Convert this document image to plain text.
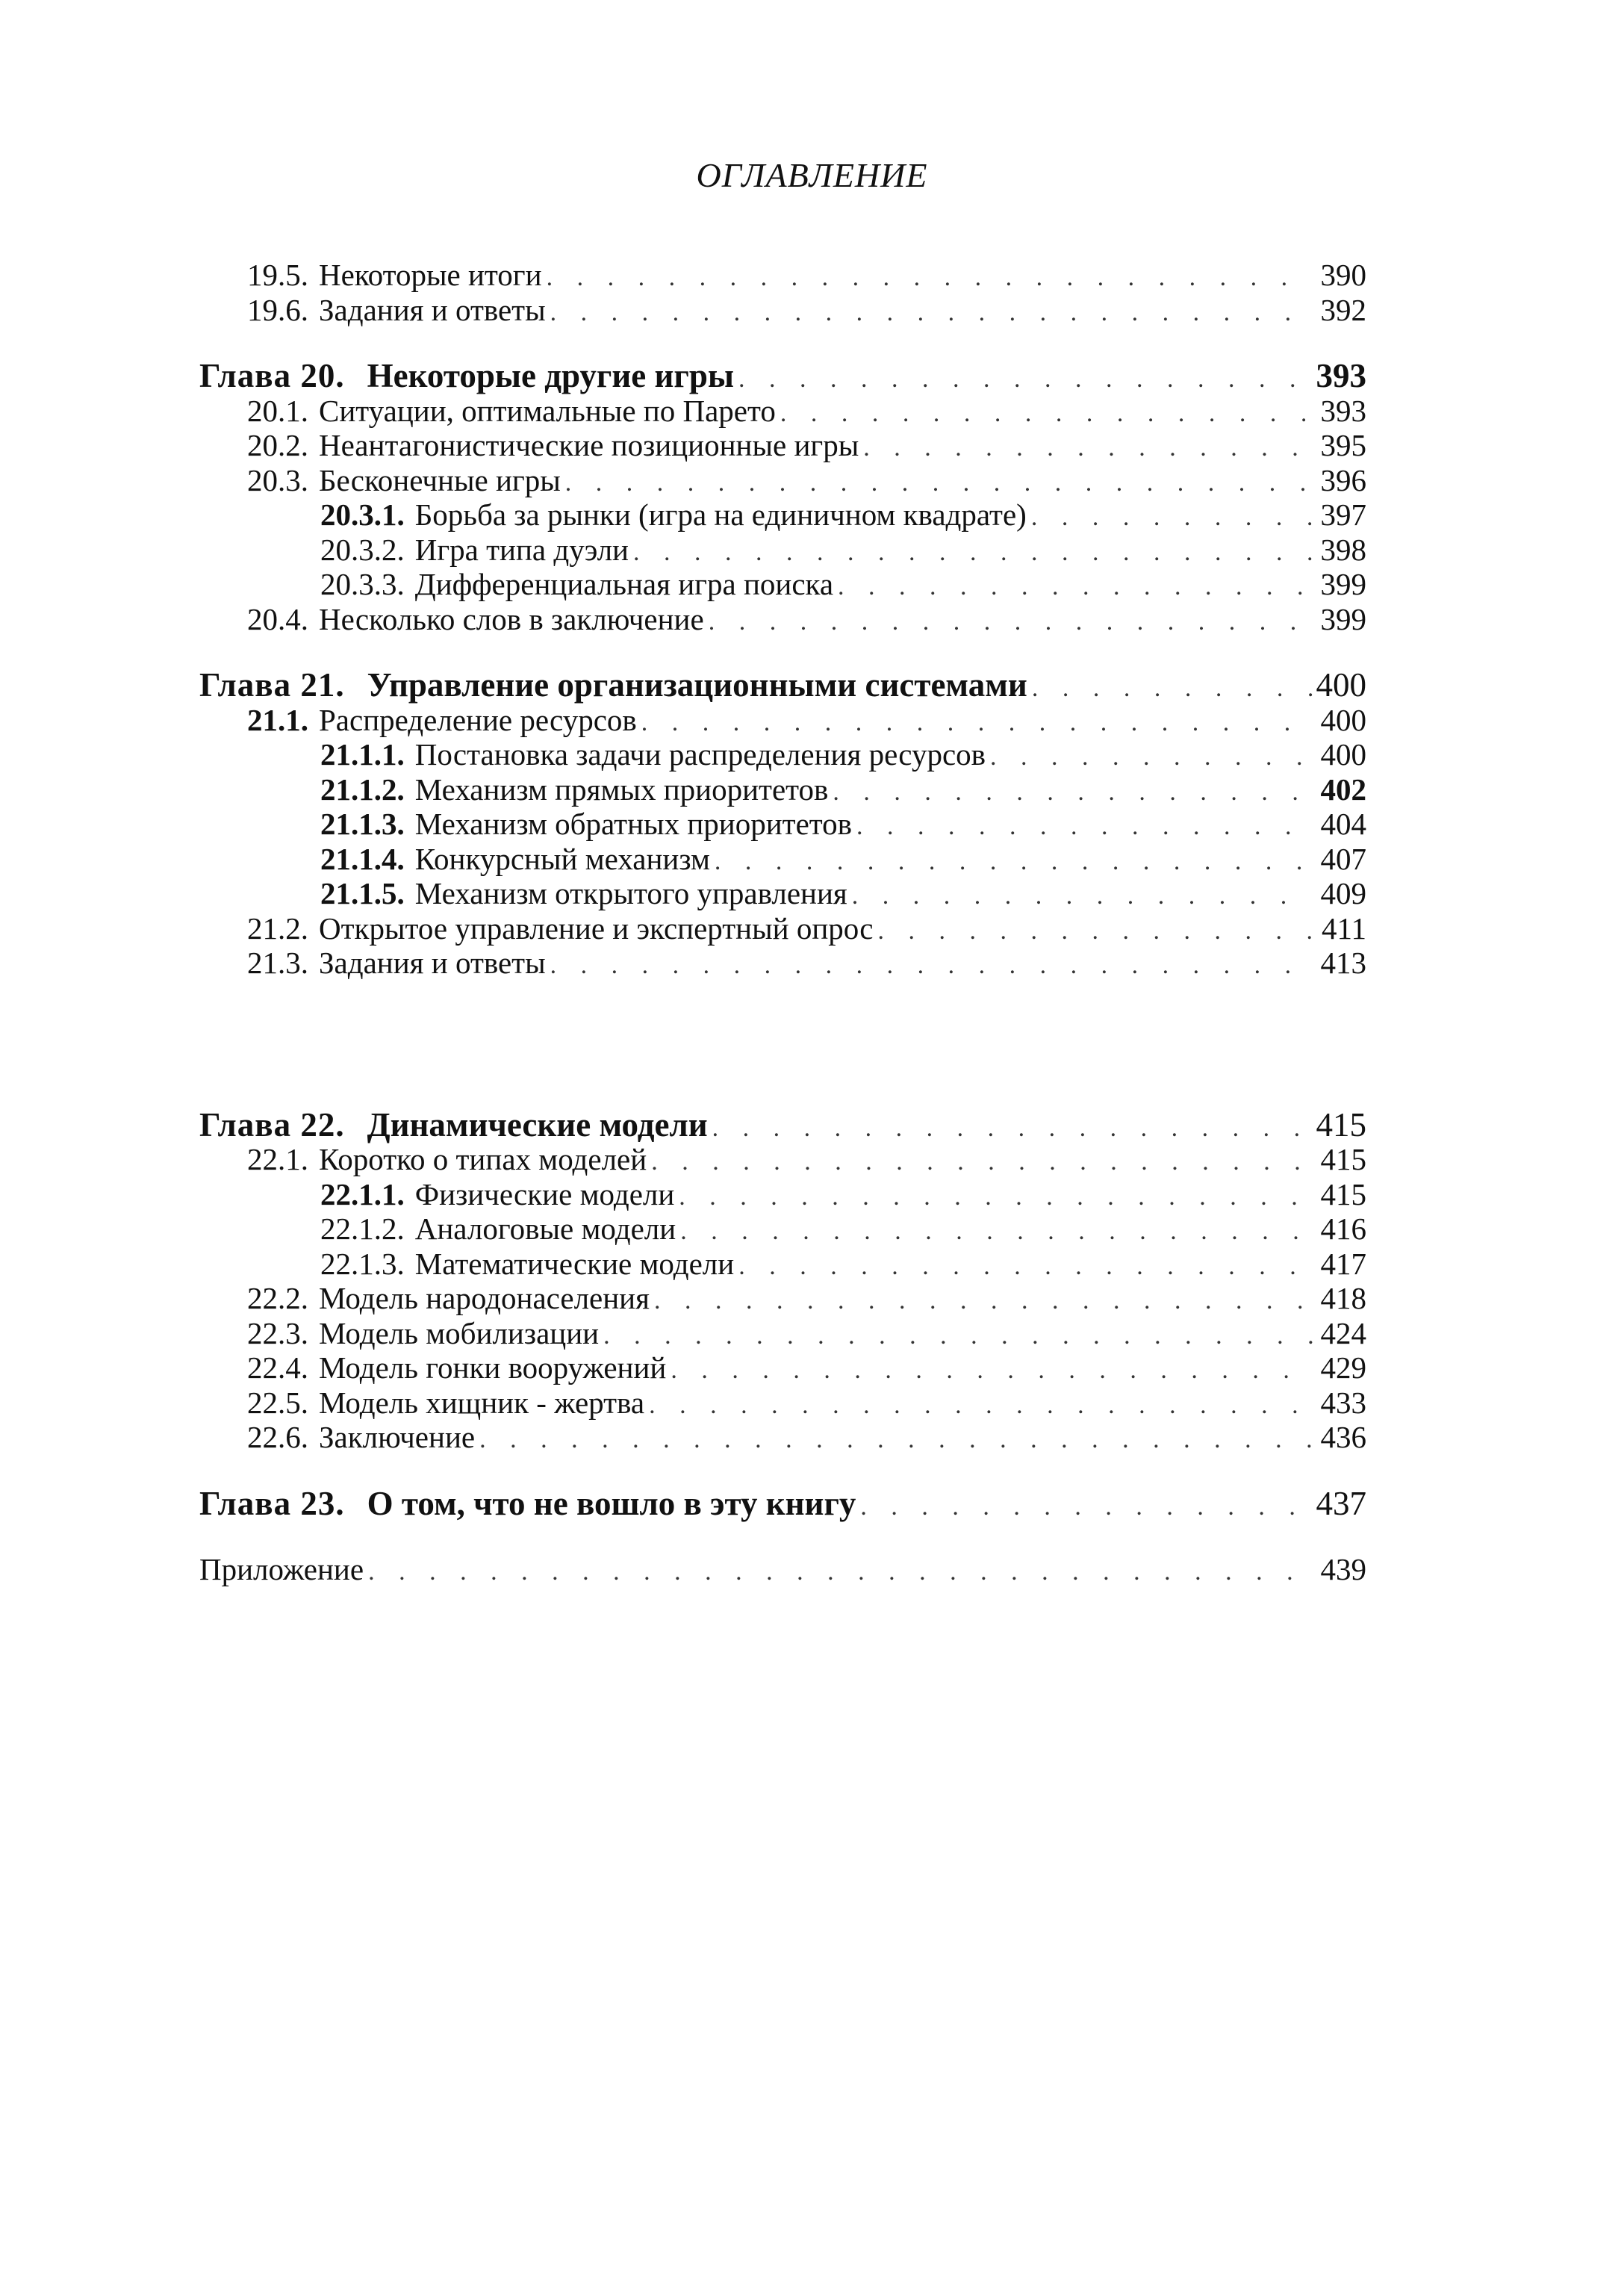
ОГЛАВЛЕНИЕ
19.5. Некоторые итоги . . .	390
19.6. Задания и ответы . . .	392
Глава 20. Некоторые другие игры . . .	393
20.1. Ситуации, оптимальные по Парето . . .	393
20.2. Неантагонистические позиционные игры . . .	395
20.3. Бесконечные игры . . .	396
20.3.1. Борьба за рынки (игра на единичном квадрате) . . .	397
20.3.2. Игра типа дуэли . . .	398
20.3.3. Дифференциальная игра поиска . . .	399
20.4. Несколько слов в заключение . . .	399
Глава 21. Управление организационными системами . . .	400
21.1. Распределение ресурсов . . .	400
21.1.1. Постановка задачи распределения ресурсов . . .	400
21.1.2. Механизм прямых приоритетов . . .	402
21.1.3. Механизм обратных приоритетов . . .	404
21.1.4. Конкурсный механизм . . .	407
21.1.5. Механизм открытого управления . . .	409
21.2. Открытое управление и экспертный опрос . . .	411
21.3. Задания и ответы . . .	413
Глава 22. Динамические модели . . .	415
22.1. Коротко о типах моделей . . .	415
22.1.1. Физические модели . . .	415
22.1.2. Аналоговые модели . . .	416
22.1.3. Математические модели . . .	417
22.2. Модель народонаселения . . .	418
22.3. Модель мобилизации . . .	424
22.4. Модель гонки вооружений . . .	429
22.5. Модель хищник - жертва . . .	433
22.6. Заключение . . .	436
Глава 23. О том, что не вошло в эту книгу . . .	437
Приложение . . .	439
